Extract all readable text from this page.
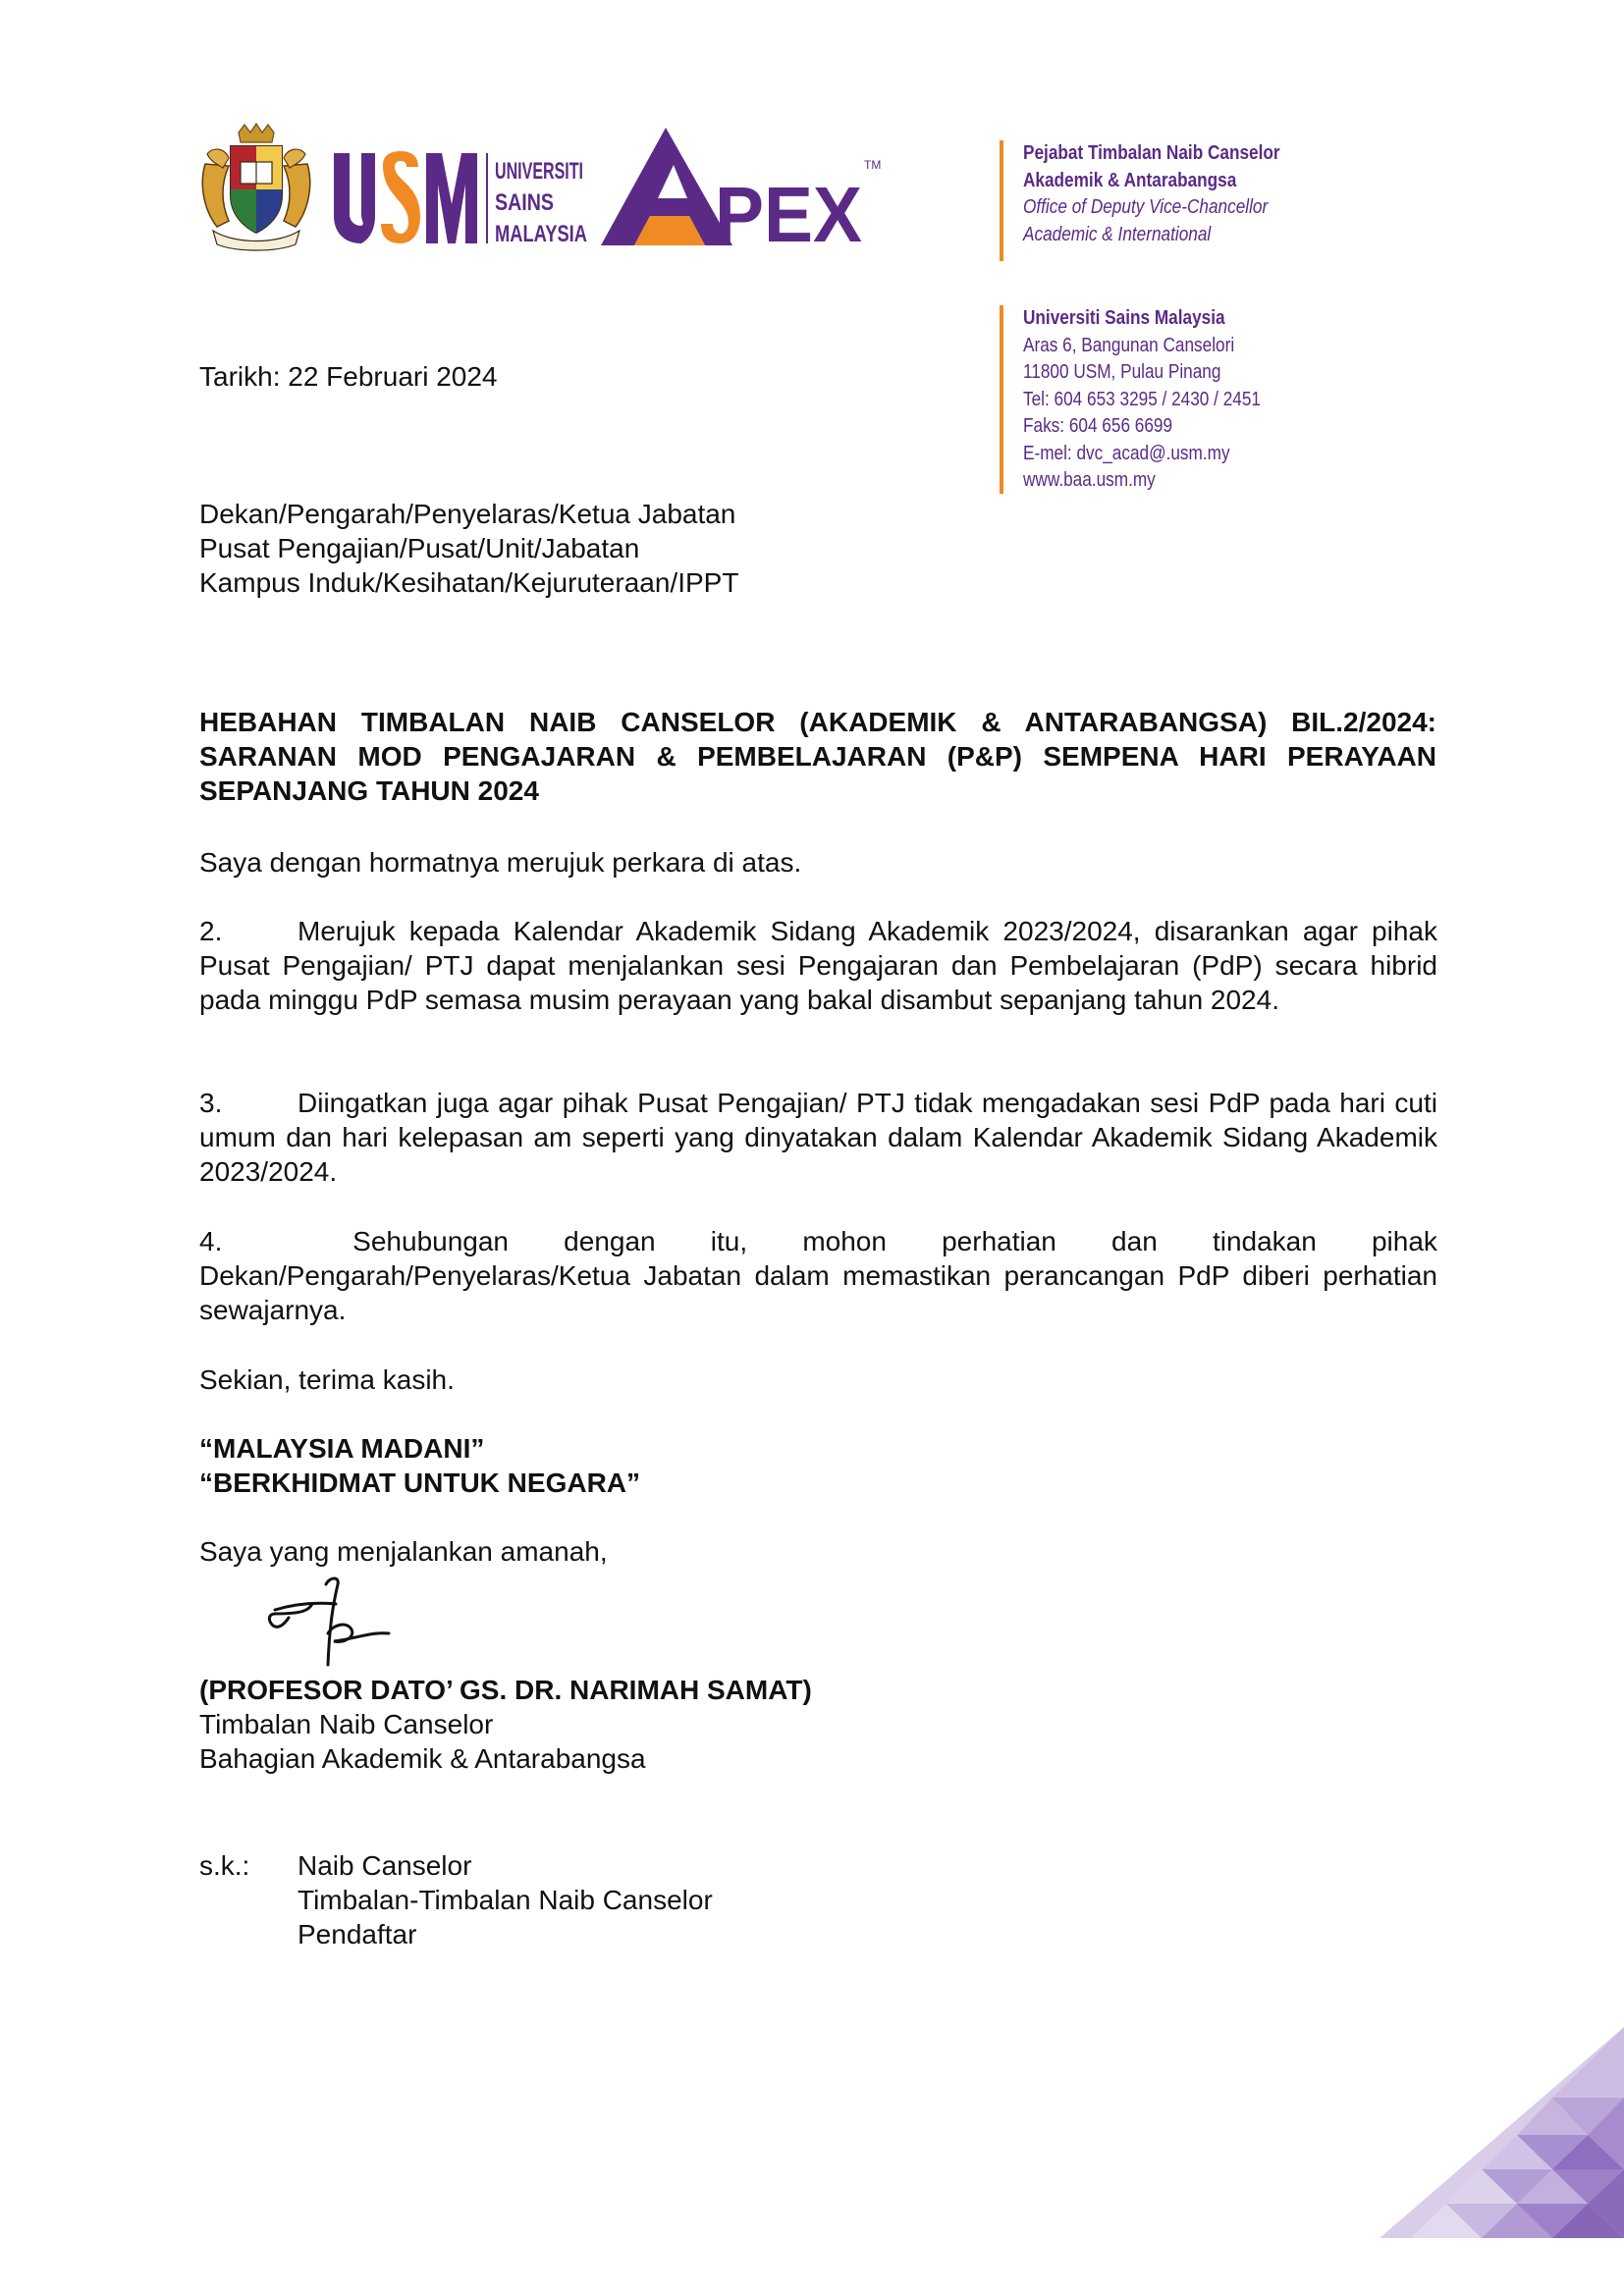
UNIVERSITI
SAINS
MALAYSIA PEX
TM
Pejabat Timbalan Naib Canselor
Akademik & Antarabangsa
Office of Deputy Vice-Chancellor
Academic & International
Universiti Sains Malaysia
Aras 6, Bangunan Canselori
11800 USM, Pulau Pinang
Tel: 604 653 3295 / 2430 / 2451
Faks: 604 656 6699
E-mel: dvc_acad@.usm.my
www.baa.usm.my
Tarikh: 22 Februari 2024
Dekan/Pengarah/Penyelaras/Ketua Jabatan
Pusat Pengajian/Pusat/Unit/Jabatan
Kampus Induk/Kesihatan/Kejuruteraan/IPPT
HEBAHAN TIMBALAN NAIB CANSELOR (AKADEMIK & ANTARABANGSA) BIL.2/2024:
SARANAN MOD PENGAJARAN & PEMBELAJARAN (P&P) SEMPENA HARI PERAYAAN
SEPANJANG TAHUN 2024
Saya dengan hormatnya merujuk perkara di atas.
2.	Merujuk kepada Kalendar Akademik Sidang Akademik 2023/2024, disarankan agar pihak Pusat Pengajian/ PTJ dapat menjalankan sesi Pengajaran dan Pembelajaran (PdP) secara hibrid pada minggu PdP semasa musim perayaan yang bakal disambut sepanjang tahun 2024.
3.	Diingatkan juga agar pihak Pusat Pengajian/ PTJ tidak mengadakan sesi PdP pada hari cuti umum dan hari kelepasan am seperti yang dinyatakan dalam Kalendar Akademik Sidang Akademik 2023/2024.
4.	Sehubungan dengan itu, mohon perhatian dan tindakan pihak
Dekan/Pengarah/Penyelaras/Ketua Jabatan dalam memastikan perancangan PdP diberi perhatian sewajarnya.
Sekian, terima kasih.
“MALAYSIA MADANI”
“BERKHIDMAT UNTUK NEGARA”
Saya yang menjalankan amanah,
(PROFESOR DATO’ GS. DR. NARIMAH SAMAT)
Timbalan Naib Canselor
Bahagian Akademik & Antarabangsa
s.k.: Naib Canselor
Timbalan-Timbalan Naib Canselor
Pendaftar
